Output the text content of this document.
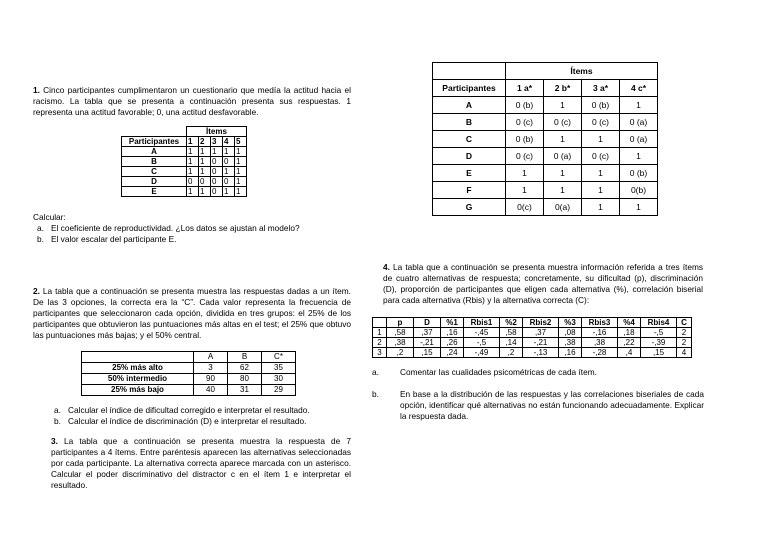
1. Cinco participantes cumplimentaron un cuestionario que medía la actitud hacia el racismo. La tabla que se presenta a continuación presenta sus respuestas. 1 representa una actitud favorable; 0, una actitud desfavorable.

	Ítems				
Participantes	1	2	3	4	5
A	1	1	1	1	1
B	1	1	0	0	1
C	1	1	0	1	1
D	0	0	0	0	1
E	1	1	0	1	1

Calcular:

a. El coeficiente de reproductividad. ¿Los datos se ajustan al modelo?
b. El valor escalar del participante E.

2. La tabla que a continuación se presenta muestra las respuestas dadas a un ítem. De las 3 opciones, la correcta era la “C”. Cada valor representa la frecuencia de participantes que seleccionaron cada opción, dividida en tres grupos: el 25% de los participantes que obtuvieron las puntuaciones más altas en el test; el 25% que obtuvo las puntuaciones más bajas; y el 50% central.

	A	B	C*
25% más alto	3	62	35
50% intermedio	90	80	30
25% más bajo	40	31	29
a. Calcular el índice de dificultad corregido e interpretar el resultado.
b. Calcular el índice de discriminación (D) e interpretar el resultado.

3. La tabla que a continuación se presenta muestra la respuesta de 7 participantes a 4 ítems. Entre paréntesis aparecen las alternativas seleccionadas por cada participante. La alternativa correcta aparece marcada con un asterisco. Calcular el poder discriminativo del distractor c en el ítem 1 e interpretar el resultado.

	Ítems			
Participantes	1 a*	2 b*	3 a*	4 c*
A	0 (b)	1	0 (b)	1
B	0 (c)	0 (c)	0 (c)	0 (a)
C	0 (b)	1	1	0 (a)
D	0 (c)	0 (a)	0 (c)	1
E	1	1	1	0 (b)
F	1	1	1	0(b)
G	0(c)	0(a)	1	1

4. La tabla que a continuación se presenta muestra información referida a tres ítems de cuatro alternativas de respuesta; concretamente, su dificultad (p), discriminación (D), proporción de participantes que eligen cada alternativa (%), correlación biserial para cada alternativa (Rbis) y la alternativa correcta (C):

	p	D	%1	Rbis1	%2	Rbis2	%3	Rbis3	%4	Rbis4	C
1	,58	,37	,16	-,45	,58	,37	,08	-,16	,18	-,5	2
2	,38	-,21	,26	-,5	,14	-,21	,38	,38	,22	-,39	2
3	,2	,15	,24	-,49	,2	-,13	,16	-,28	,4	,15	4
a.	Comentar las cualidades psicométricas de cada ítem.
b.	En base a la distribución de las respuestas y las correlaciones biseriales de cada opción, identificar qué alternativas no están funcionando adecuadamente. Explicar la respuesta dada.
